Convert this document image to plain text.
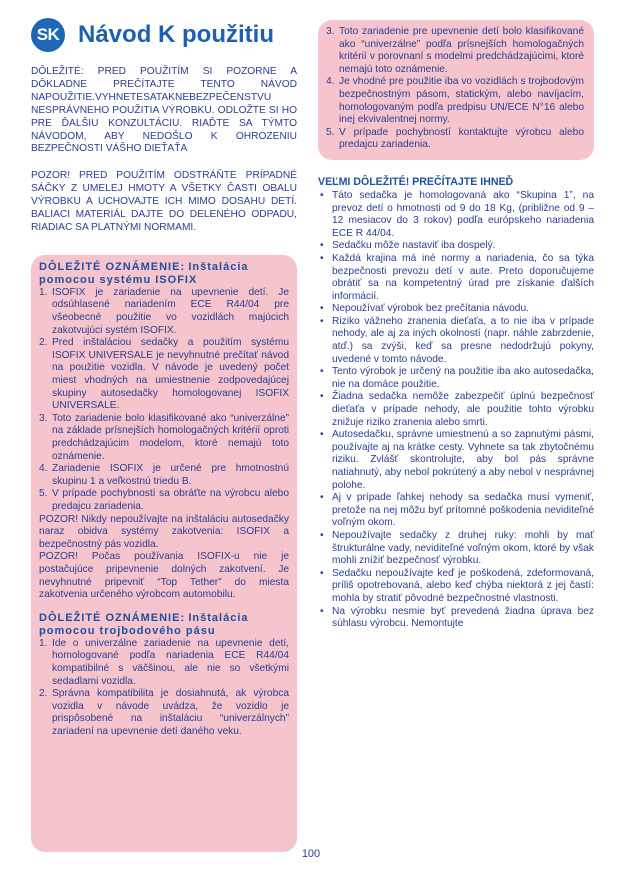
SK Návod K použitiu

DÔLEŽITÉ: PRED POUŽITÍM SI POZORNE A DÔKLADNE PREČÍTAJTE TENTO NÁVOD NAPOUŽITIE.VYHNETESATAKNEBEZPEČENSTVU NESPRÁVNEHO POUŽITIA VÝROBKU. ODLOŽTE SI HO PRE ĎALŠIU KONZULTÁCIU. RIAĎTE SA TÝMTO NÁVODOM, ABY NEDOŠLO K OHROZENIU BEZPEČNOSTI VÁŠHO DIEŤAŤA

POZOR! PRED POUŽITÍM ODSTRÁŇTE PRÍPADNÉ SÁČKY Z UMELEJ HMOTY A VŠETKY ČASTI OBALU VÝROBKU A UCHOVAJTE ICH MIMO DOSAHU DETÍ. BALIACI MATERIÁL DAJTE DO DELENÉHO ODPADU, RIADIAC SA PLATNÝMI NORMAMI.

DÔLEŽITÉ OZNÁMENIE: Inštalácia pomocou systému ISOFIX

1. ISOFIX je zariadenie na upevnenie detí. Je odsúhlasené nariadením ECE R44/04 pre všeobecné použitie vo vozidlách majúcich zakotvujúci systém ISOFIX.
2. Pred inštaláciou sedačky a použitím systému ISOFIX UNIVERSALE je nevyhnutné prečítať návod na použitie vozidla. V návode je uvedený počet miest vhodných na umiestnenie zodpovedajúcej skupiny autosedačky homologovanej ISOFIX UNIVERSALE.
3. Toto zariadenie bolo klasifikované ako “univerzálne” na základe prísnejších homologačných kritérií oproti predchádzajúcim modelom, ktoré nemajú toto oznámenie.
4. Zariadenie ISOFIX je určené pre hmotnostnú skupinu 1 a veľkostnú triedu B.
5. V prípade pochybností sa obráťte na výrobcu alebo predajcu zariadenia.

POZOR! Nikdy nepoužívajte na inštaláciu autosedačky naraz obidva systémy zakotvenia: ISOFIX a bezpečnostný pás vozidla.

POZOR! Počas používania ISOFIX-u nie je postačujúce pripevnenie dolných zakotvení. Je nevyhnutné pripevniť “Top Tether” do miesta zakotvenia určeného výrobcom automobilu.

DÔLEŽITÉ OZNÁMENIE: Inštalácia pomocou trojbodového pásu

1. Ide o univerzálne zariadenie na upevnenie detí, homologované podľa nariadenia ECE R44/04 kompatibilné s väčšinou, ale nie so všetkými sedadlami vozidla.
2. Správna kompatibilita je dosiahnutá, ak výrobca vozidla v návode uvádza, že vozidlo je prispôsobené na inštaláciu “univerzálnych” zariadení na upevnenie detí daného veku.
3. Toto zariadenie pre upevnenie detí bolo klasifikované ako “univerzálne” podľa prísnejších homologačných kritérií v porovnaní s modelmi predchádzajúcimi, ktoré nemajú toto oznámenie.
4. Je vhodné pre použitie iba vo vozidlách s trojbodovým bezpečnostným pásom, statickým, alebo navíjacím, homologovaným podľa predpisu UN/ECE N°16 alebo inej ekvivalentnej normy.
5. V prípade pochybností kontaktujte výrobcu alebo predajcu zariadenia.

VEĽMI DÔLEŽITÉ! PREČÍTAJTE IHNEĎ

• Táto sedačka je homologovaná ako “Skupina 1”, na prevoz detí o hmotnosti od 9 do 18 Kg, (približne od 9 – 12 mesiacov do 3 rokov) podľa európskeho nariadenia ECE R 44/04.
• Sedačku môže nastaviť iba dospelý.
• Každá krajina má iné normy a nariadenia, čo sa týka bezpečnosti prevozu detí v aute. Preto doporučujeme obrátiť sa na kompetentný úrad pre získanie ďalších informácií.
• Nepoužívať výrobok bez prečítania návodu.
• Riziko vážneho zranenia dieťaťa, a to nie iba v prípade nehody, ale aj za iných okolností (napr. náhle zabrzdenie, atď.) sa zvýši, keď sa presne nedodržujú pokyny, uvedené v tomto návode.
• Tento výrobok je určený na použitie iba ako autosedačka, nie na domáce použitie.
• Žiadna sedačka nemôže zabezpečiť úplnú bezpečnosť dieťaťa v prípade nehody, ale použitie tohto výrobku znižuje riziko zranenia alebo smrti.
• Autosedačku, správne umiestnenú a so zapnutými pásmi, používajte aj na krátke cesty. Vyhnete sa tak zbytočnému riziku. Zvlášť skontrolujte, aby bol pás správne natiahnutý, aby nebol pokrútený a aby nebol v nesprávnej polohe.
• Aj v prípade ľahkej nehody sa sedačka musí vymeniť, pretože na nej môžu byť prítomné poškodenia neviditeľné voľným okom.
• Nepoužívajte sedačky z druhej ruky: mohli by mať štrukturálne vady, neviditeľné voľným okom, ktoré by však mohli znížiť bezpečnosť výrobku.
• Sedačku nepoužívajte keď je poškodená, zdeformovaná, príliš opotrebovaná, alebo keď chýba niektorá z jej častí: mohla by stratiť pôvodné bezpečnostné vlastnosti.
• Na výrobku nesmie byť prevedená žiadna úprava bez súhlasu výrobcu. Nemontujte
100
